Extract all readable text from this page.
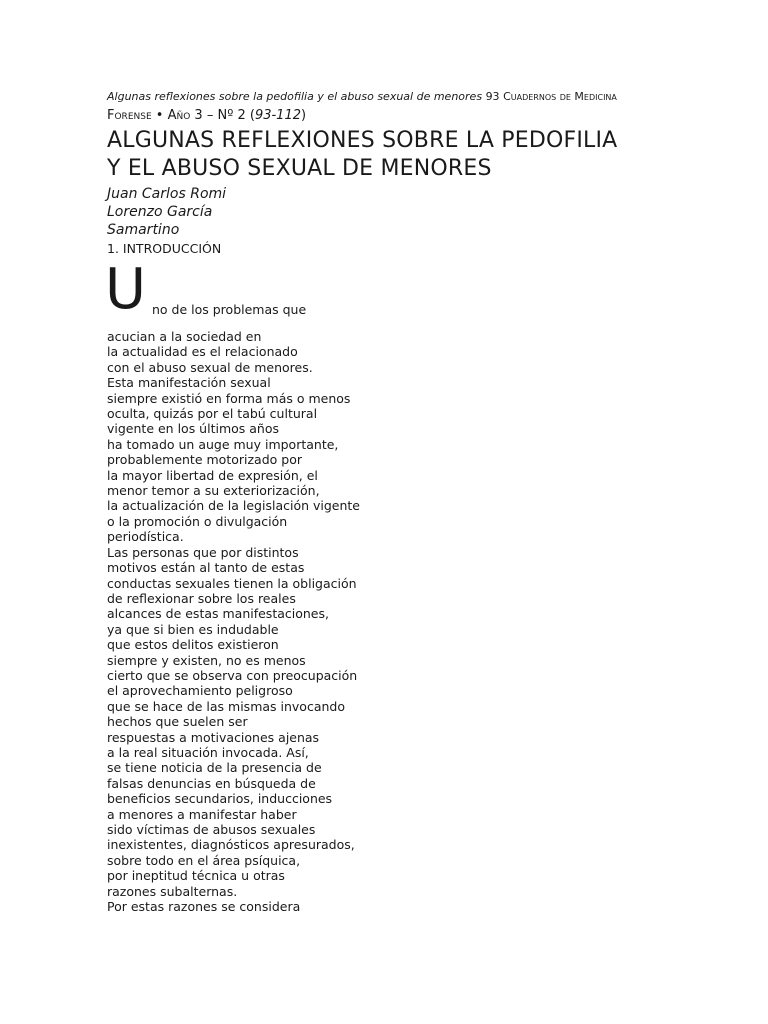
Algunas reflexiones sobre la pedofilia y el abuso sexual de menores 93 Cuadernos de Medicina
Forense • Año 3 – Nº 2 (93-112)
ALGUNAS REFLEXIONES SOBRE LA PEDOFILIA
Y EL ABUSO SEXUAL DE MENORES
Juan Carlos Romi
Lorenzo García
Samartino
1. INTRODUCCIÓN
U no de los problemas que
acucian a la sociedad en
la actualidad es el relacionado
con el abuso sexual de menores.
Esta manifestación sexual
siempre existió en forma más o menos
oculta, quizás por el tabú cultural
vigente en los últimos años
ha tomado un auge muy importante,
probablemente motorizado por
la mayor libertad de expresión, el
menor temor a su exteriorización,
la actualización de la legislación vigente
o la promoción o divulgación
periodística.
Las personas que por distintos
motivos están al tanto de estas
conductas sexuales tienen la obligación
de reflexionar sobre los reales
alcances de estas manifestaciones,
ya que si bien es indudable
que estos delitos existieron
siempre y existen, no es menos
cierto que se observa con preocupación
el aprovechamiento peligroso
que se hace de las mismas invocando
hechos que suelen ser
respuestas a motivaciones ajenas
a la real situación invocada. Así,
se tiene noticia de la presencia de
falsas denuncias en búsqueda de
beneficios secundarios, inducciones
a menores a manifestar haber
sido víctimas de abusos sexuales
inexistentes, diagnósticos apresurados,
sobre todo en el área psíquica,
por ineptitud técnica u otras
razones subalternas.
Por estas razones se considera
